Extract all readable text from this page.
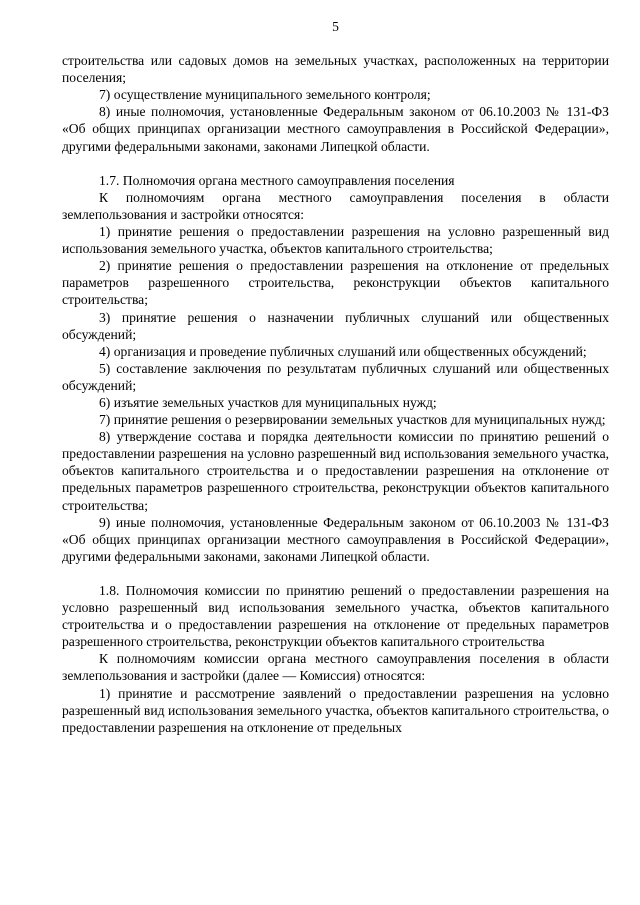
5

строительства или садовых домов на земельных участках, расположенных на территории поселения;

7) осуществление муниципального земельного контроля;

8) иные полномочия, установленные Федеральным законом от 06.10.2003 № 131-ФЗ «Об общих принципах организации местного самоуправления в Российской Федерации», другими федеральными законами, законами Липецкой области.

1.7. Полномочия органа местного самоуправления поселения

К полномочиям органа местного самоуправления поселения в области землепользования и застройки относятся:

1) принятие решения о предоставлении разрешения на условно разрешенный вид использования земельного участка, объектов капитального строительства;

2) принятие решения о предоставлении разрешения на отклонение от предельных параметров разрешенного строительства, реконструкции объектов капитального строительства;

3) принятие решения о назначении публичных слушаний или общественных обсуждений;

4) организация и проведение публичных слушаний или общественных обсуждений;

5) составление заключения по результатам публичных слушаний или общественных обсуждений;

6) изъятие земельных участков для муниципальных нужд;

7) принятие решения о резервировании земельных участков для муниципальных нужд;

8) утверждение состава и порядка деятельности комиссии по принятию решений о предоставлении разрешения на условно разрешенный вид использования земельного участка, объектов капитального строительства и о предоставлении разрешения на отклонение от предельных параметров разрешенного строительства, реконструкции объектов капитального строительства;

9) иные полномочия, установленные Федеральным законом от 06.10.2003 № 131-ФЗ «Об общих принципах организации местного самоуправления в Российской Федерации», другими федеральными законами, законами Липецкой области.

1.8. Полномочия комиссии по принятию решений о предоставлении разрешения на условно разрешенный вид использования земельного участка, объектов капитального строительства и о предоставлении разрешения на отклонение от предельных параметров разрешенного строительства, реконструкции объектов капитального строительства

К полномочиям комиссии органа местного самоуправления поселения в области землепользования и застройки (далее — Комиссия) относятся:

1) принятие и рассмотрение заявлений о предоставлении разрешения на условно разрешенный вид использования земельного участка, объектов капитального строительства, о предоставлении разрешения на отклонение от предельных
